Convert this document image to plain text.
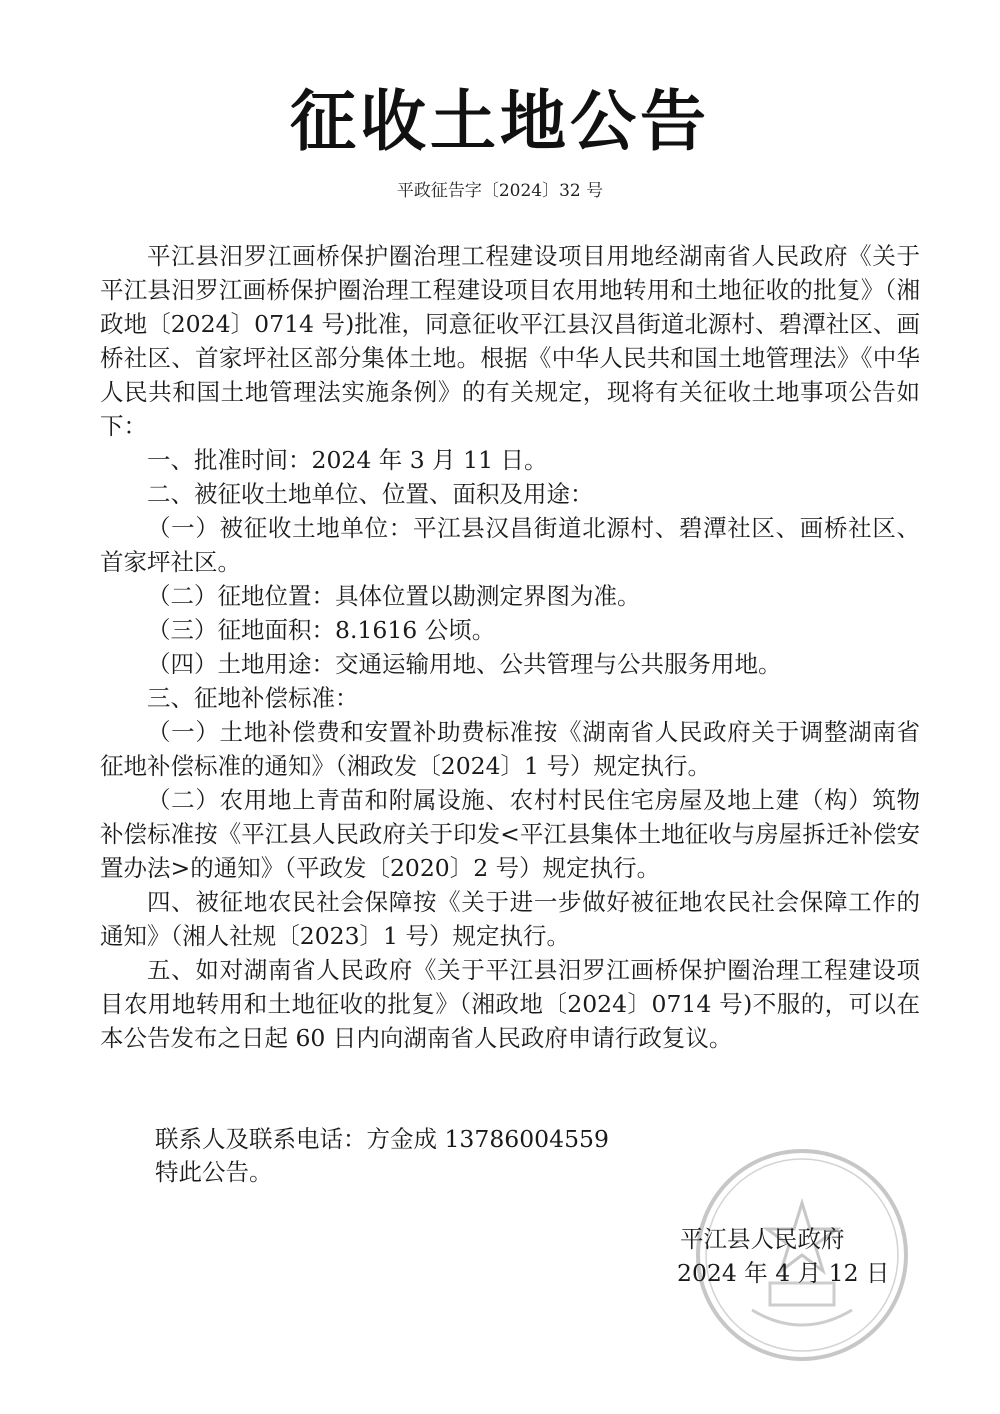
征收土地公告
平政征告字〔2024〕32 号

平江县汨罗江画桥保护圈治理工程建设项目用地经湖南省人民政府《关于平江县汨罗江画桥保护圈治理工程建设项目农用地转用和土地征收的批复》（湘政地〔2024〕0714 号)批准，同意征收平江县汉昌街道北源村、碧潭社区、画桥社区、首家坪社区部分集体土地。根据《中华人民共和国土地管理法》《中华人民共和国土地管理法实施条例》的有关规定，现将有关征收土地事项公告如下：

一、批准时间：2024 年 3 月 11 日。

二、被征收土地单位、位置、面积及用途：

（一）被征收土地单位：平江县汉昌街道北源村、碧潭社区、画桥社区、首家坪社区。

（二）征地位置：具体位置以勘测定界图为准。

（三）征地面积：8.1616 公顷。

（四）土地用途：交通运输用地、公共管理与公共服务用地。

三、征地补偿标准：

（一）土地补偿费和安置补助费标准按《湖南省人民政府关于调整湖南省征地补偿标准的通知》（湘政发〔2024〕1 号）规定执行。

（二）农用地上青苗和附属设施、农村村民住宅房屋及地上建（构）筑物补偿标准按《平江县人民政府关于印发<平江县集体土地征收与房屋拆迁补偿安置办法>的通知》（平政发〔2020〕2 号）规定执行。

四、被征地农民社会保障按《关于进一步做好被征地农民社会保障工作的通知》（湘人社规〔2023〕1 号）规定执行。

五、如对湖南省人民政府《关于平江县汨罗江画桥保护圈治理工程建设项目农用地转用和土地征收的批复》（湘政地〔2024〕0714 号)不服的，可以在本公告发布之日起 60 日内向湖南省人民政府申请行政复议。

联系人及联系电话：方金成 13786004559
特此公告。
平江县人民政府
2024 年 4 月 12 日
